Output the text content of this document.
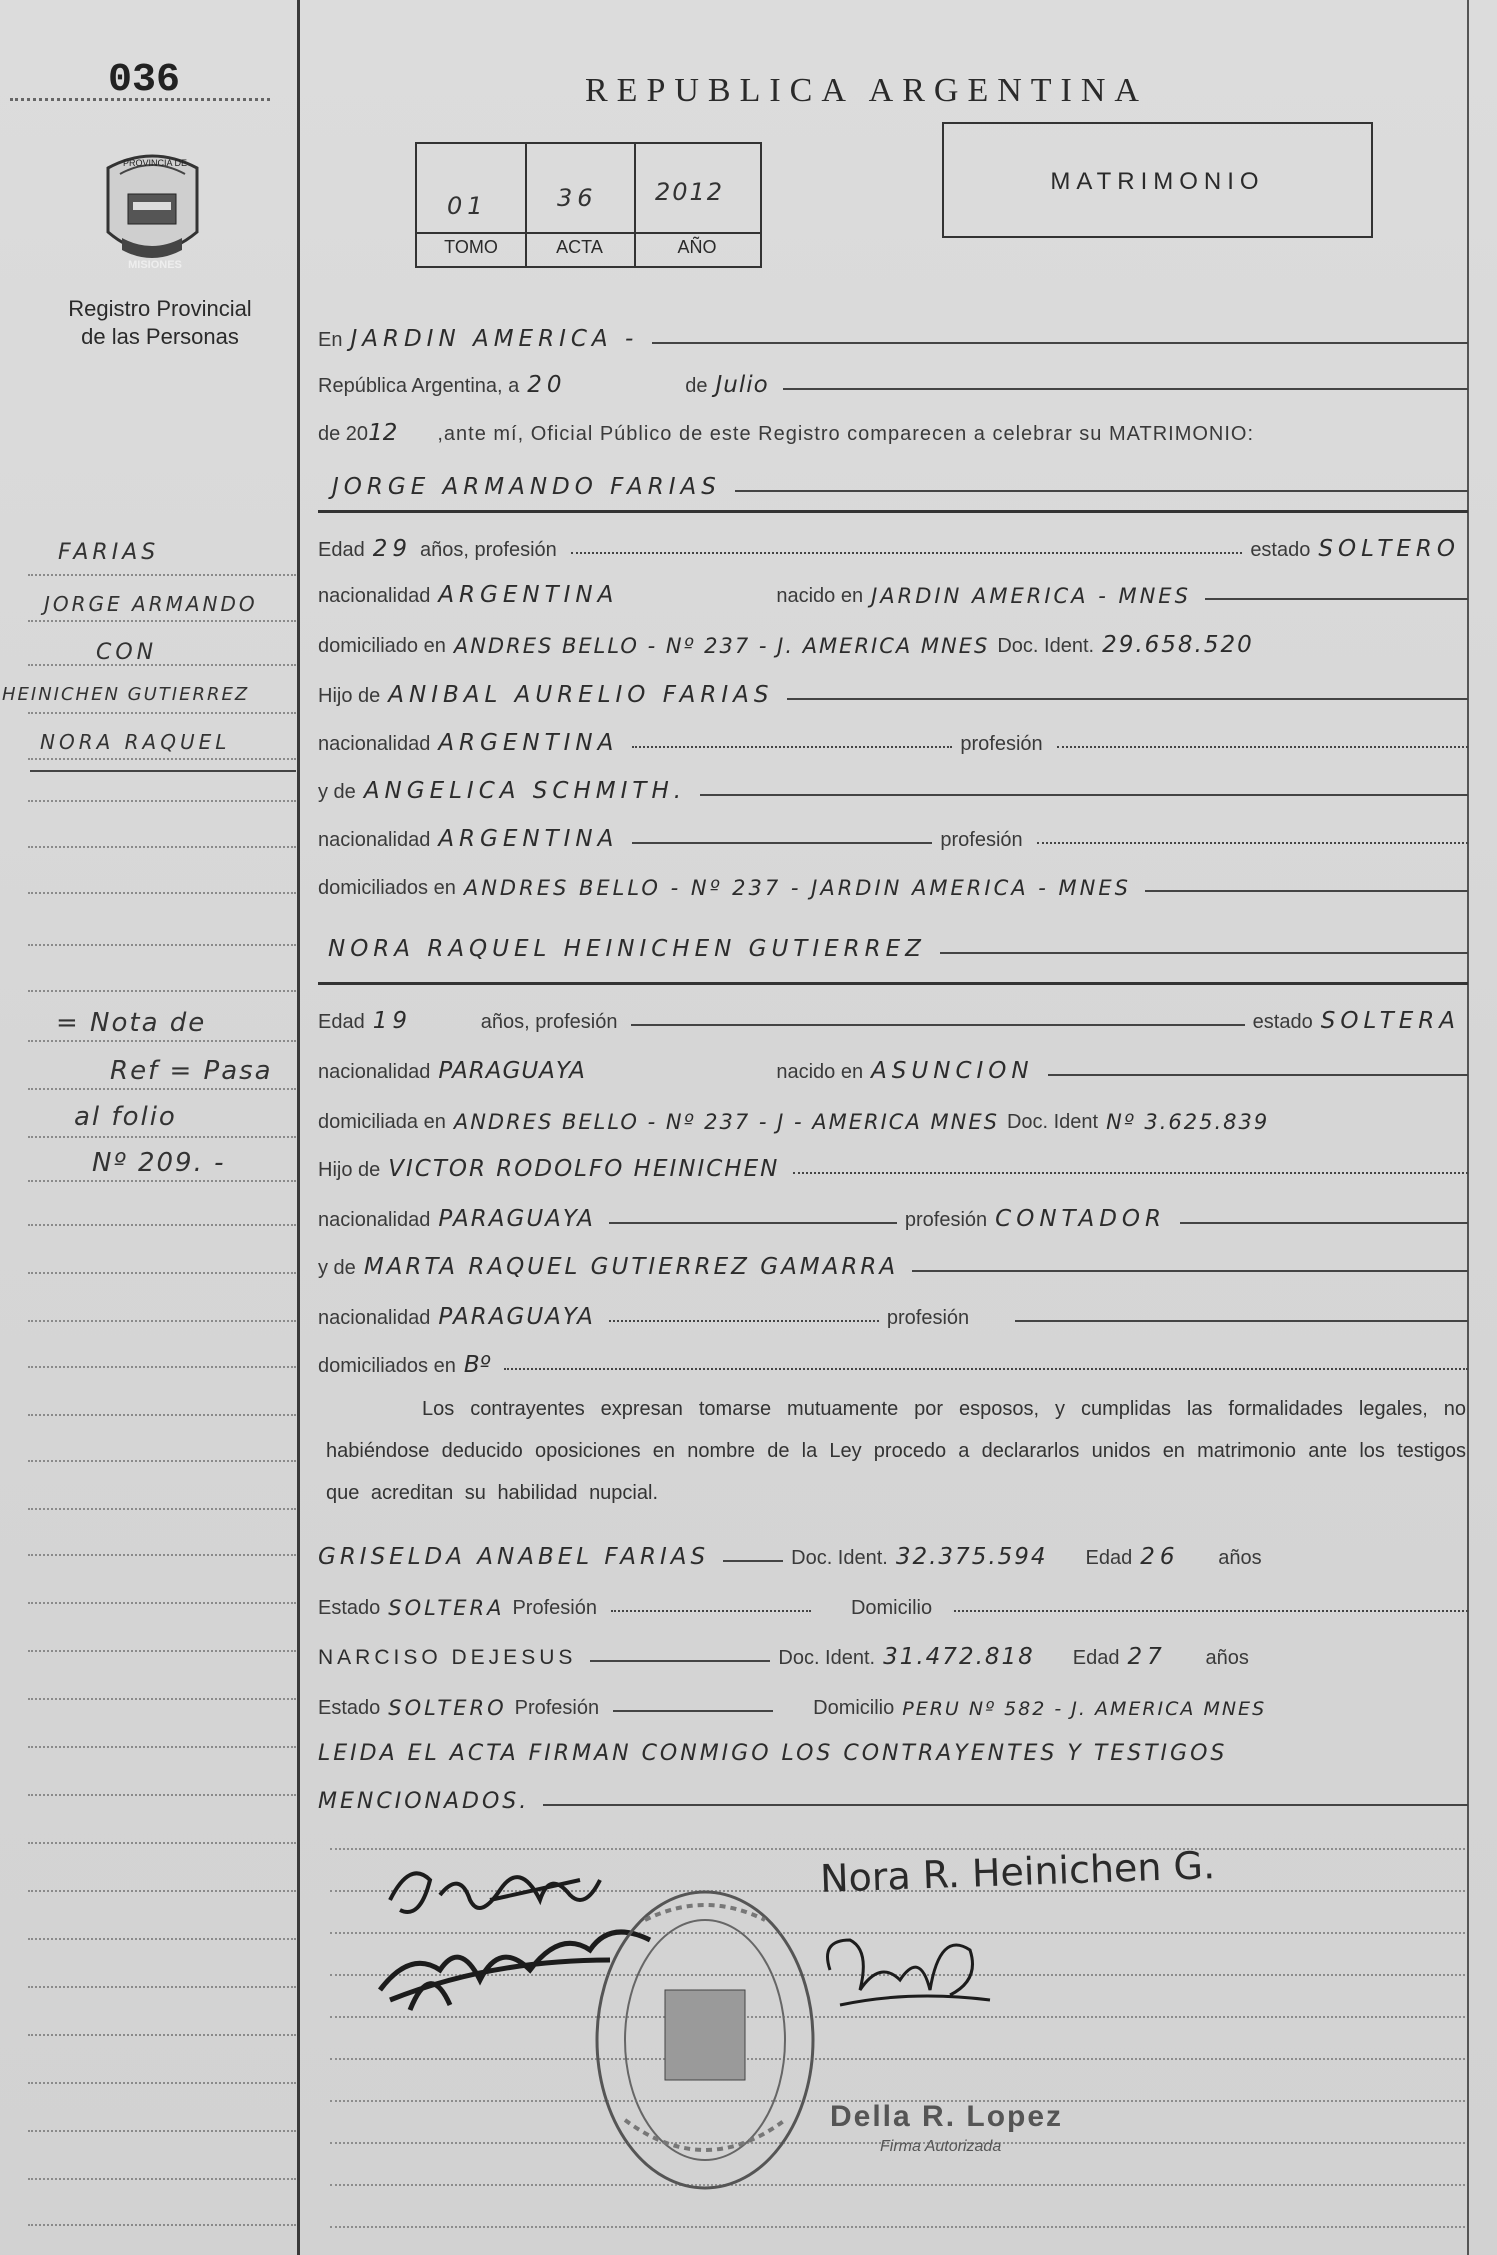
036
PROVINCIA DE
MISIONES
Registro Provincial
de las Personas
REPUBLICA ARGENTINA
01	36 2012
TOMO	ACTA	AÑO
MATRIMONIO
En JARDIN AMERICA -
República Argentina, a 20	de Julio
de 20 12 ,ante mí, Oficial Público de este Registro comparecen a celebrar su MATRIMONIO:
JORGE ARMANDO FARIAS
Edad 29 años, profesión	estado SOLTERO
nacionalidad ARGENTINA	nacido en JARDIN AMERICA - MNES
domiciliado en ANDRES BELLO - Nº 237 - J. AMERICA MNES Doc. Ident. 29.658.520
Hijo de ANIBAL AURELIO FARIAS
nacionalidad ARGENTINA	profesión
y de ANGELICA SCHMITH.
nacionalidad ARGENTINA	profesión
domiciliados en ANDRES BELLO - Nº 237 - JARDIN AMERICA - MNES
NORA RAQUEL HEINICHEN GUTIERREZ
Edad 19	años, profesión	estado SOLTERA
nacionalidad PARAGUAYA	nacido en ASUNCION
domiciliada en ANDRES BELLO - Nº 237 - J - AMERICA MNES Doc. Ident Nº 3.625.839
Hijo de VICTOR RODOLFO HEINICHEN
nacionalidad PARAGUAYA	profesión CONTADOR
y de MARTA RAQUEL GUTIERREZ GAMARRA
nacionalidad PARAGUAYA	profesión
domiciliados en Bº
Los contrayentes expresan tomarse mutuamente por esposos, y cumplidas las formalidades legales, no habiéndose deducido oposiciones en nombre de la Ley procedo a declararlos unidos en matrimonio ante los testigos que acreditan su habilidad nupcial.
GRISELDA ANABEL FARIAS	Doc. Ident. 32.375.594 Edad 26	años
Estado SOLTERA Profesión	Domicilio
NARCISO DEJESUS	Doc. Ident. 31.472.818 Edad 27	años
Estado SOLTERO Profesión	Domicilio PERU Nº 582 - J. AMERICA MNES
LEIDA EL ACTA FIRMAN CONMIGO LOS CONTRAYENTES Y TESTIGOS
MENCIONADOS.
Nora R. Heinichen G.
Della R. Lopez
Firma Autorizada
FARIAS
JORGE ARMANDO
CON
HEINICHEN GUTIERREZ
NORA RAQUEL
= Nota de
Ref = Pasa
al folio
Nº 209. -
